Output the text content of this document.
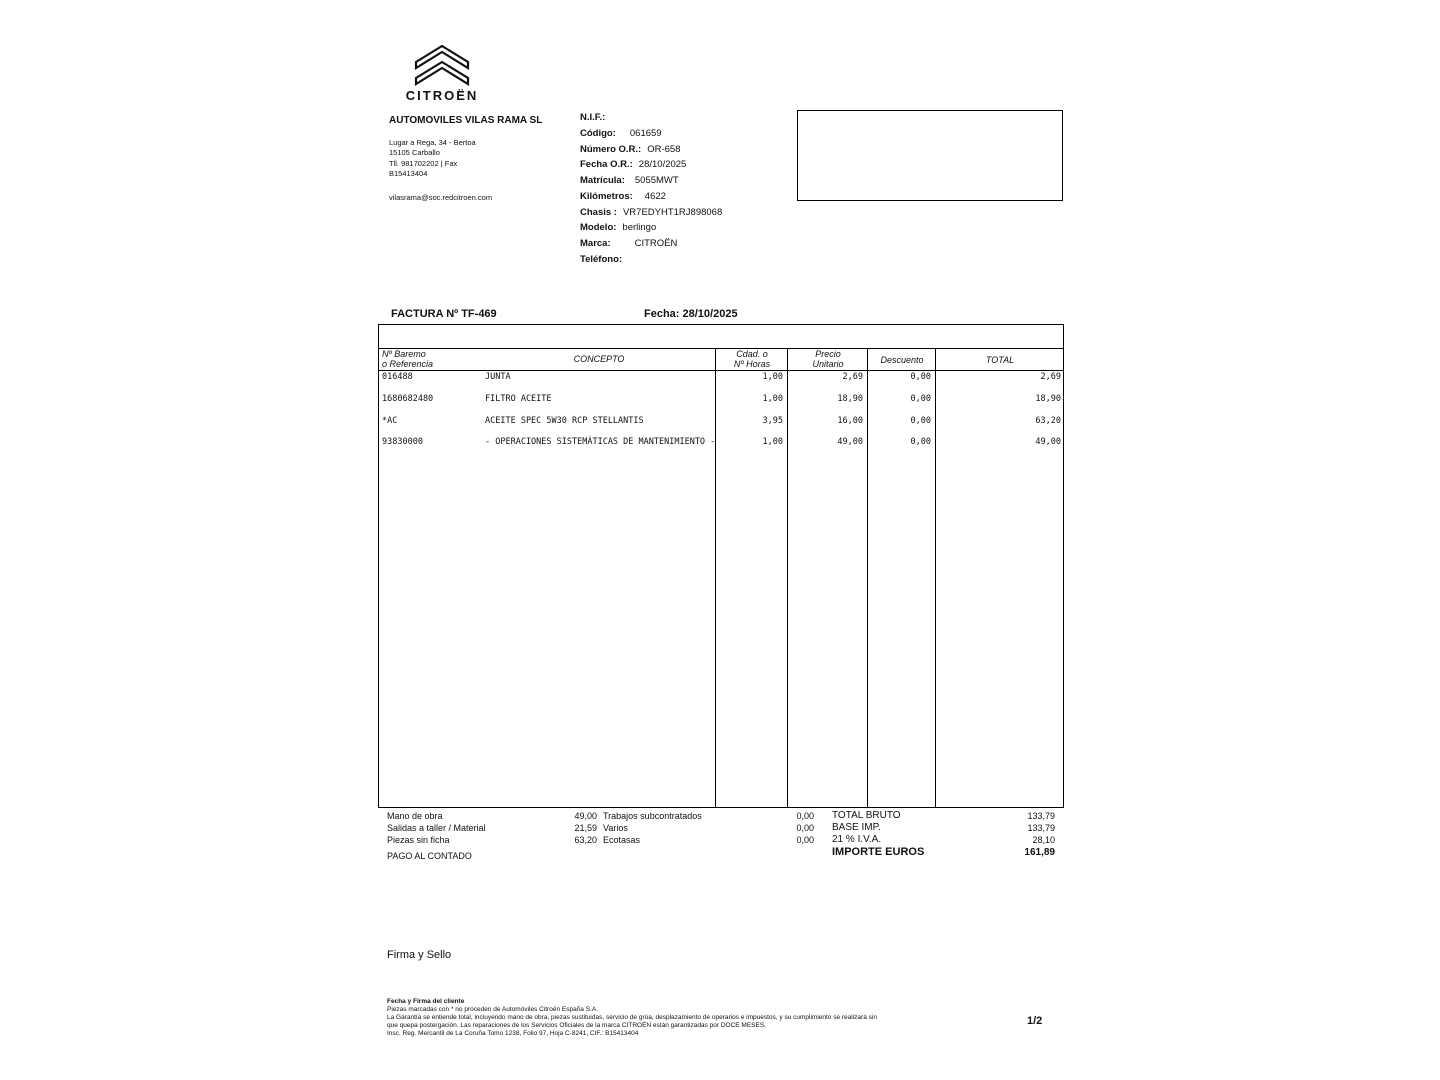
CITROËN
AUTOMOVILES VILAS RAMA SL
Lugar a Rega, 34 - Bertoa
15105 Carballo
Tll. 981702202 | Fax
B15413404
vilasrama@soc.redcitroen.com
N.I.F.:
Código: 061659
Número O.R.: OR-658
Fecha O.R.: 28/10/2025
Matrícula: 5055MWT
Kilómetros: 4622
Chasis : VR7EDYHT1RJ898068
Modelo: berlingo
Marca:	CITROËN
Teléfono:
FACTURA Nº TF-469	Fecha: 28/10/2025
Nº Baremo
o Referencia	CONCEPTO	Cdad. o
Nº Horas
Precio
Unitario	Descuento	TOTAL
016488	JUNTA	1,00	2,69	0,00	2,69
1680682480	FILTRO ACEITE	1,00	18,90	0,00	18,90
*AC	ACEITE SPEC 5W30 RCP STELLANTIS	3,95	16,00	0,00	63,20
93830000	- OPERACIONES SISTEMÁTICAS DE MANTENIMIENTO -	1,00	49,00	0,00	49,00
Mano de obra	49,00
Salidas a taller / Material	21,59
Piezas sin ficha	63,20
PAGO AL CONTADO
Trabajos subcontratados	0,00
Varios	0,00
Ecotasas	0,00
TOTAL BRUTO	133,79
BASE IMP.	133,79
21 % I.V.A.	28,10
IMPORTE EUROS	161,89
Firma y Sello
Fecha y Firma del cliente
Piezas marcadas con * no proceden de Automóviles Citroën España S.A.
La Garantía se entiende total, incluyendo mano de obra, piezas sustituidas, servicio de grúa, desplazamiento de operarios e impuestos, y su cumplimiento se realizará sin
que quepa postergación. Las reparaciones de los Servicios Oficiales de la marca CITROËN están garantizadas por DOCE MESES.
Insc. Reg. Mercantil de La Coruña Tomo 1238, Folio 97, Hoja C-8241, CIF.: B15413404
1/2
